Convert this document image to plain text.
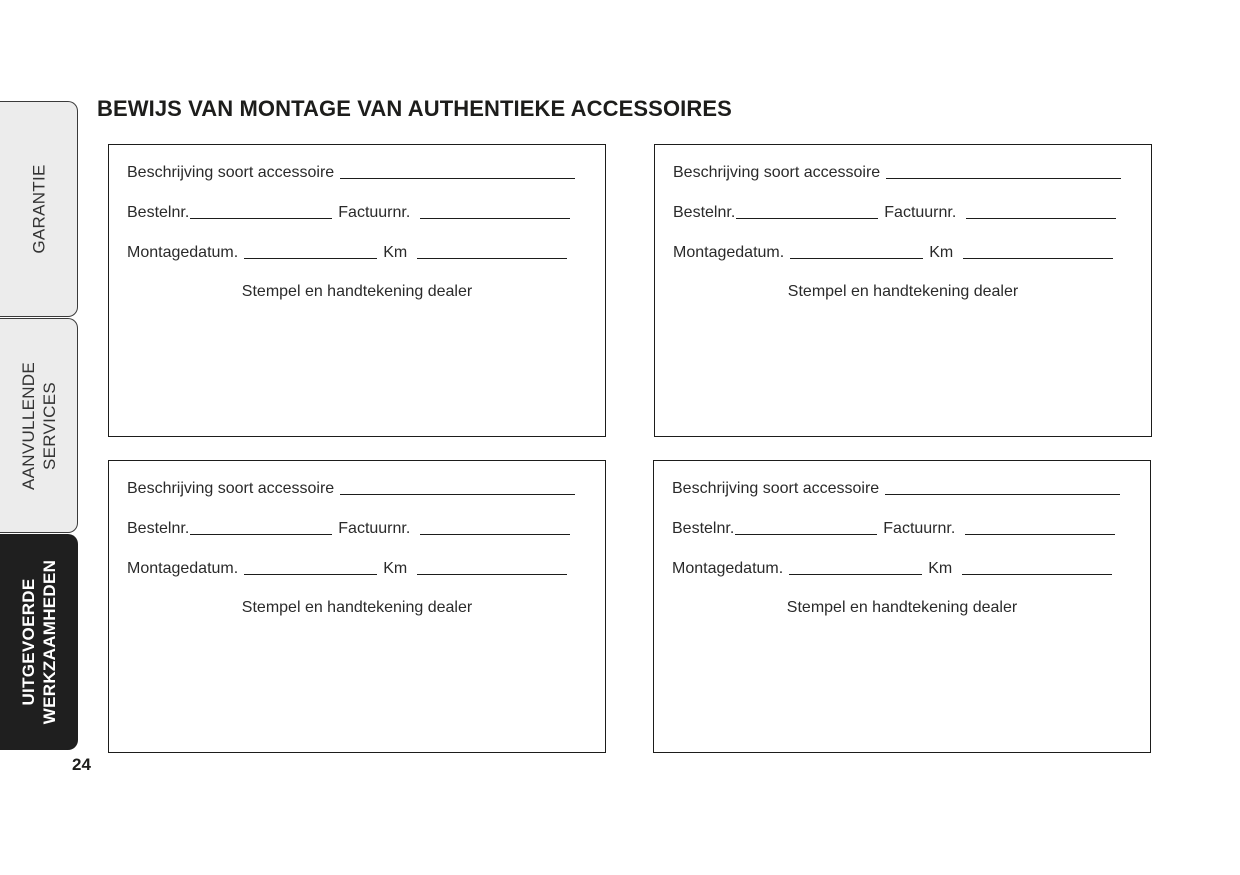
GARANTIE
AANVULLENDE SERVICES
UITGEVOERDE WERKZAAMHEDEN
24
BEWIJS VAN MONTAGE VAN AUTHENTIEKE ACCESSOIRES
Beschrijving soort accessoire
Bestelnr.	Factuurnr.
Montagedatum.	Km
Stempel en handtekening dealer
Beschrijving soort accessoire
Bestelnr.	Factuurnr.
Montagedatum.	Km
Stempel en handtekening dealer
Beschrijving soort accessoire
Bestelnr.	Factuurnr.
Montagedatum.	Km
Stempel en handtekening dealer
Beschrijving soort accessoire
Bestelnr.	Factuurnr.
Montagedatum.	Km
Stempel en handtekening dealer
